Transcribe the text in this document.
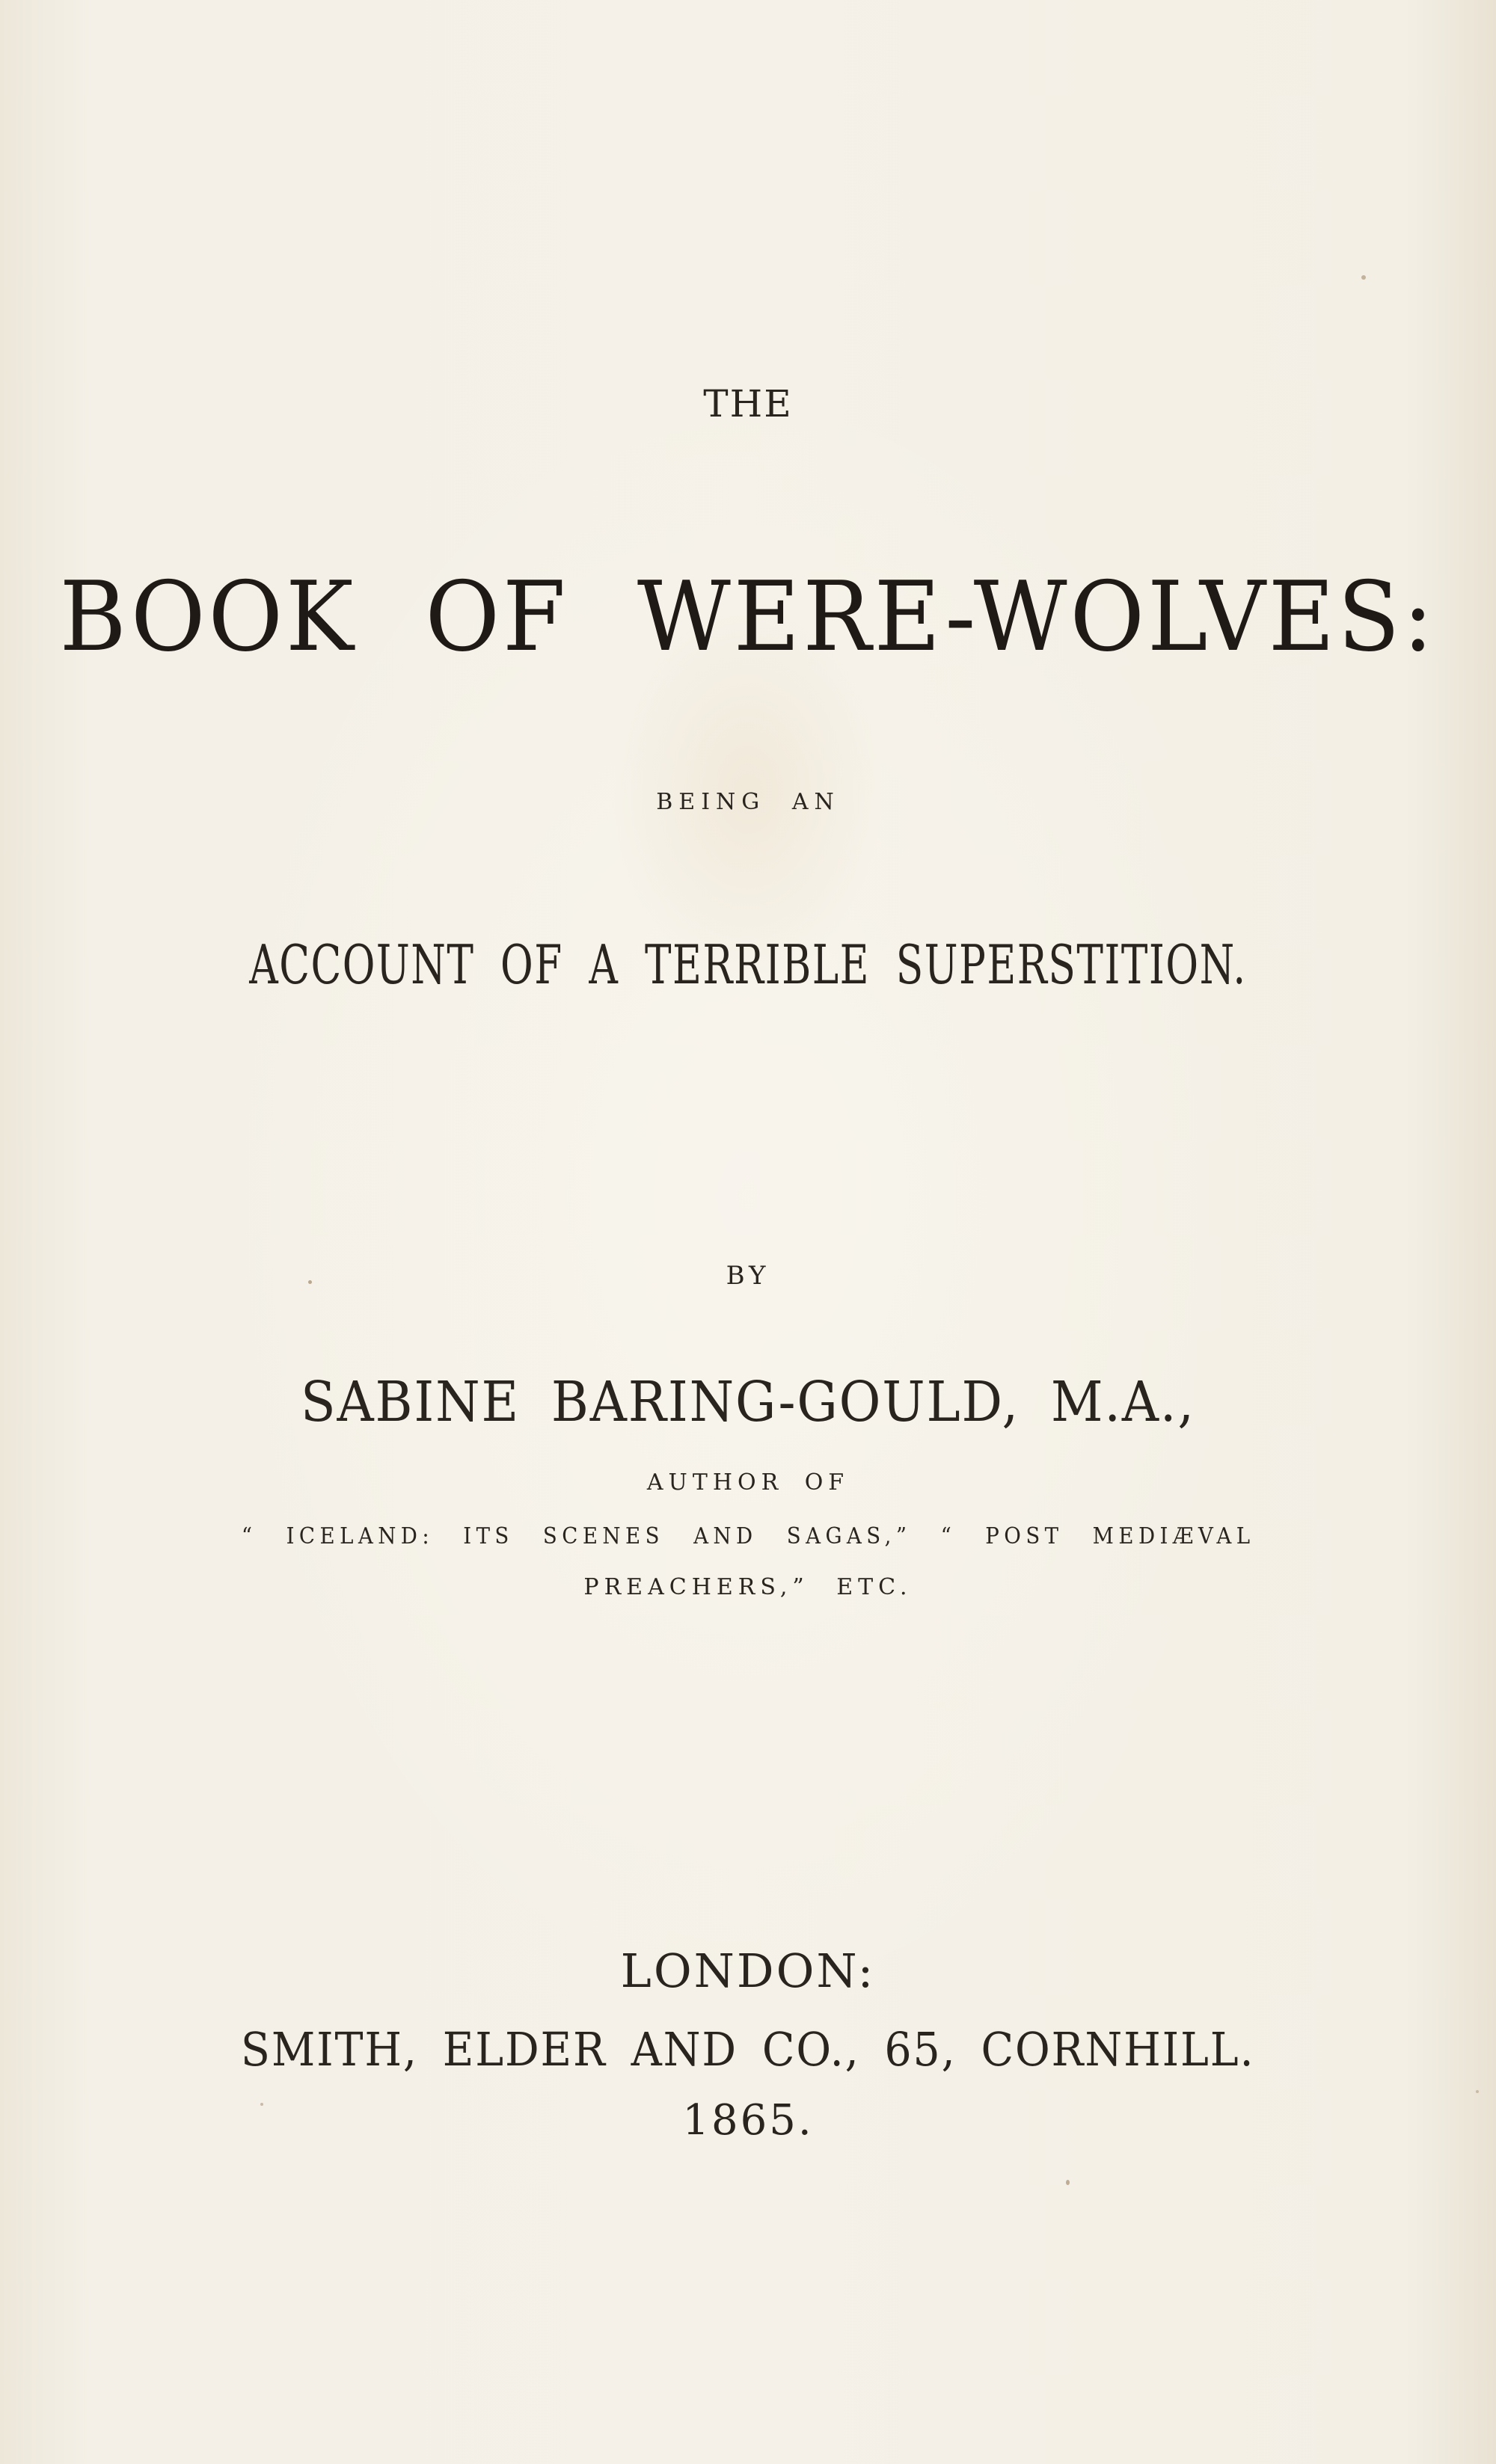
THE
BOOK OF WERE-WOLVES:
BEING AN
ACCOUNT OF A TERRIBLE SUPERSTITION.
BY
SABINE BARING-GOULD, M.A.,
AUTHOR OF
“ ICELAND: ITS SCENES AND SAGAS,” “ POST MEDIÆVAL
PREACHERS,” ETC.
LONDON:
SMITH, ELDER AND CO., 65, CORNHILL.
1865.
